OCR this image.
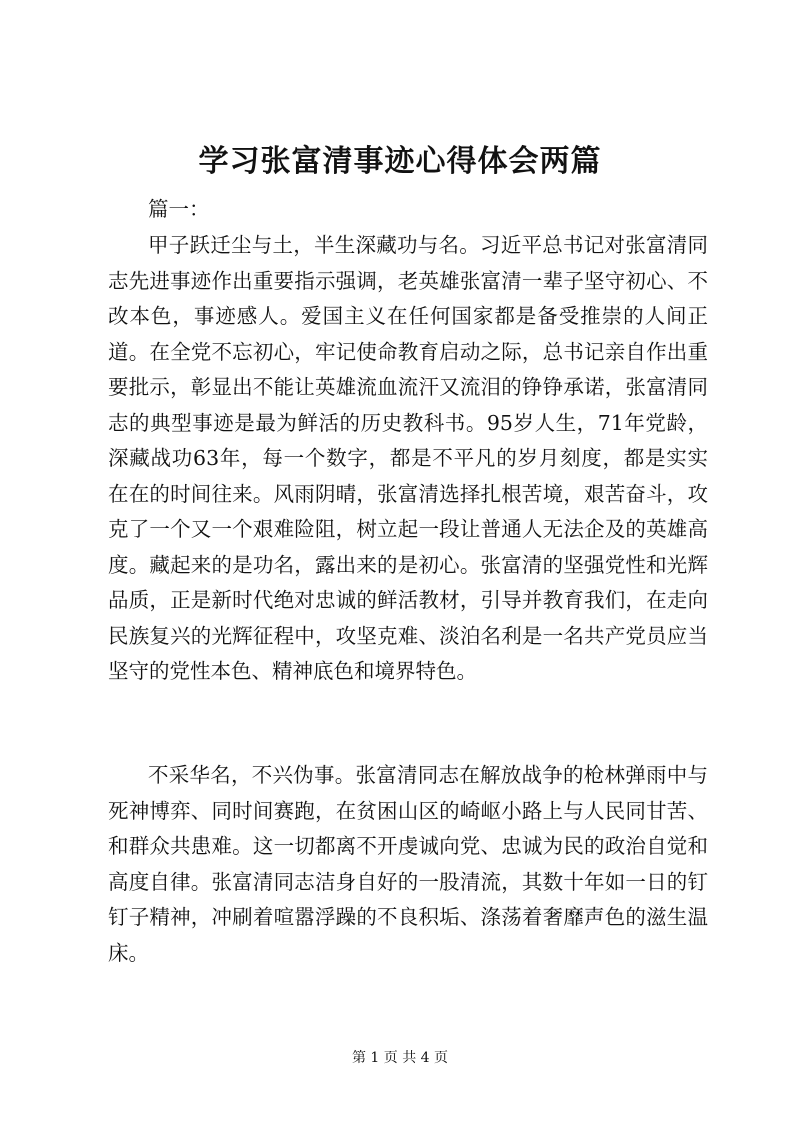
学习张富清事迹心得体会两篇
篇一：
甲子跃迁尘与土，半生深藏功与名。习近平总书记对张富清同志先进事迹作出重要指示强调，老英雄张富清一辈子坚守初心、不改本色，事迹感人。爱国主义在任何国家都是备受推崇的人间正道。在全党不忘初心，牢记使命教育启动之际，总书记亲自作出重要批示，彰显出不能让英雄流血流汗又流泪的铮铮承诺，张富清同志的典型事迹是最为鲜活的历史教科书。95岁人生，71年党龄，深藏战功63年，每一个数字，都是不平凡的岁月刻度，都是实实在在的时间往来。风雨阴晴，张富清选择扎根苦境，艰苦奋斗，攻克了一个又一个艰难险阻，树立起一段让普通人无法企及的英雄高度。藏起来的是功名，露出来的是初心。张富清的坚强党性和光辉品质，正是新时代绝对忠诚的鲜活教材，引导并教育我们，在走向民族复兴的光辉征程中，攻坚克难、淡泊名利是一名共产党员应当坚守的党性本色、精神底色和境界特色。
不采华名，不兴伪事。张富清同志在解放战争的枪林弹雨中与死神博弈、同时间赛跑，在贫困山区的崎岖小路上与人民同甘苦、和群众共患难。这一切都离不开虔诚向党、忠诚为民的政治自觉和高度自律。张富清同志洁身自好的一股清流，其数十年如一日的钉钉子精神，冲刷着喧嚣浮躁的不良积垢、涤荡着奢靡声色的滋生温床。
第 1 页 共 4 页
